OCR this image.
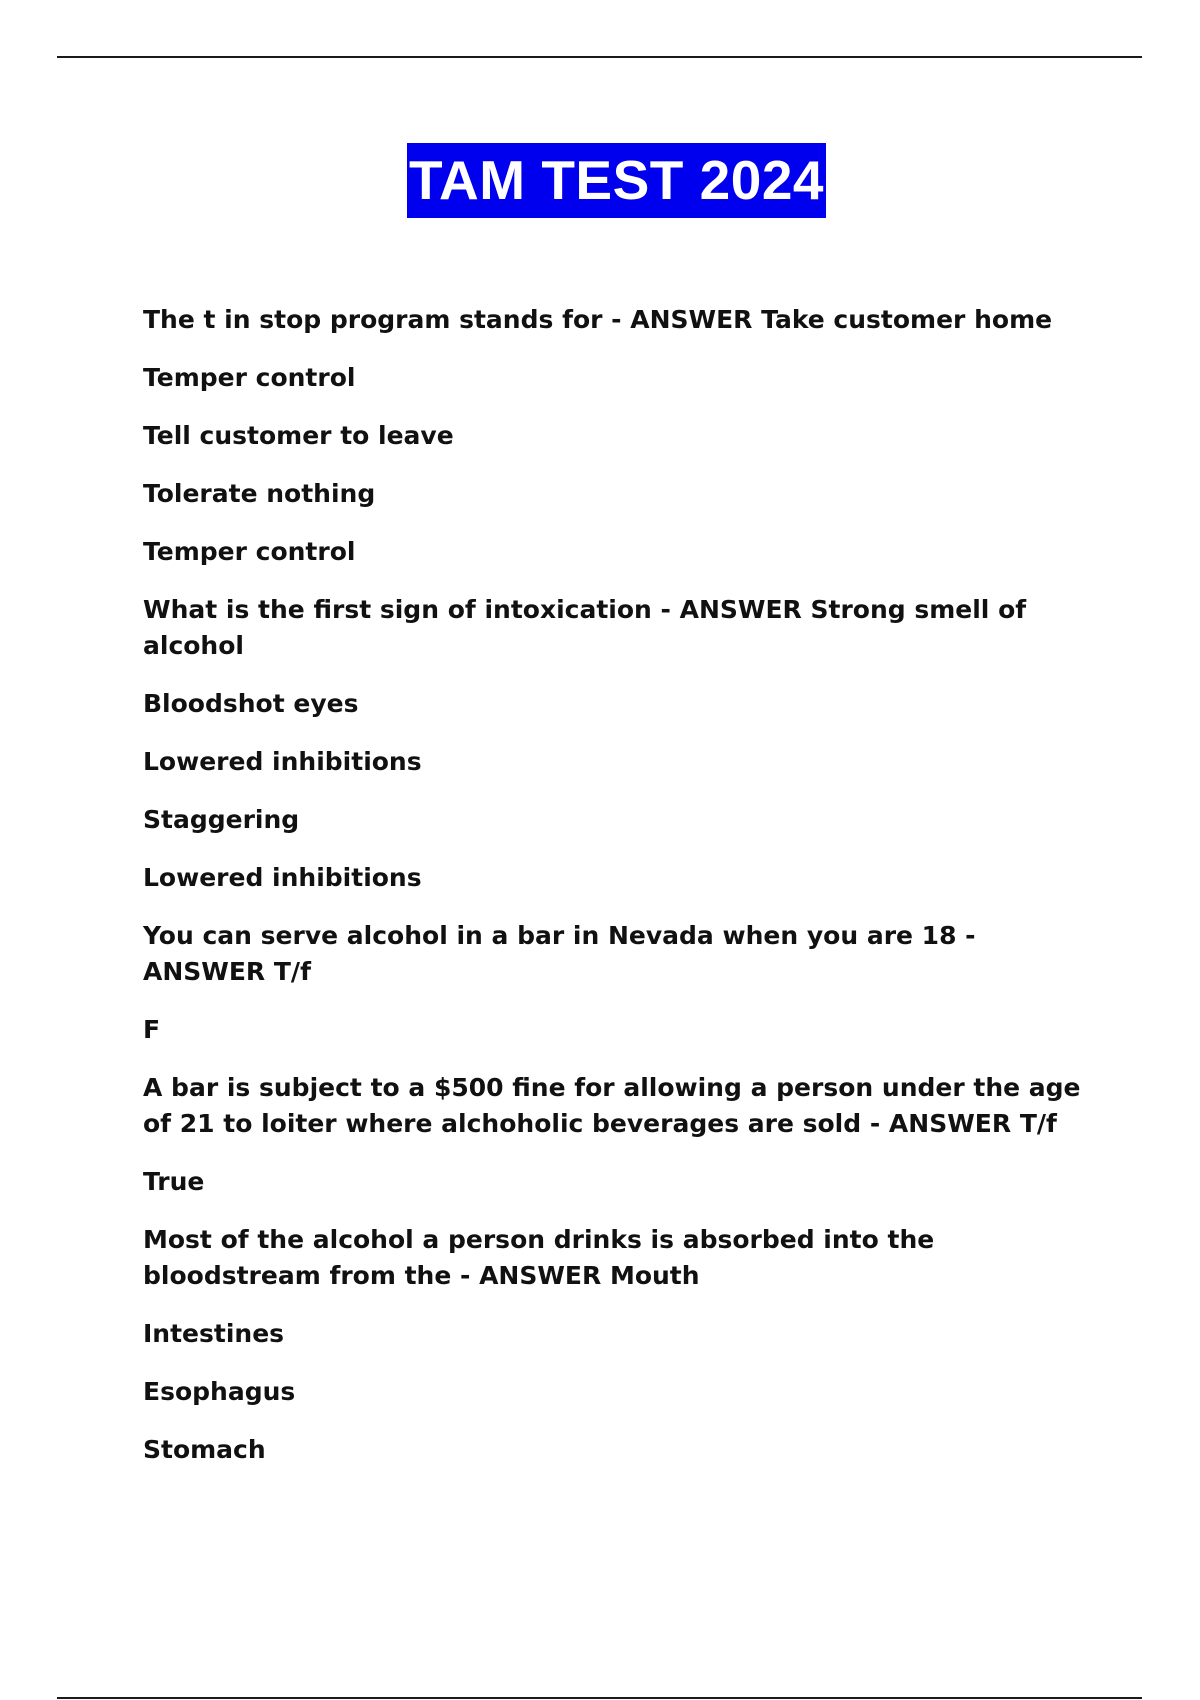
TAM TEST 2024
The t in stop program stands for - ANSWER Take customer home
Temper control
Tell customer to leave
Tolerate nothing
Temper control
What is the first sign of intoxication - ANSWER Strong smell of alcohol
Bloodshot eyes
Lowered inhibitions
Staggering
Lowered inhibitions
You can serve alcohol in a bar in Nevada when you are 18 - ANSWER T/f
F
A bar is subject to a $500 fine for allowing a person under the age of 21 to loiter where alchoholic beverages are sold - ANSWER T/f
True
Most of the alcohol a person drinks is absorbed into the bloodstream from the - ANSWER Mouth
Intestines
Esophagus
Stomach
